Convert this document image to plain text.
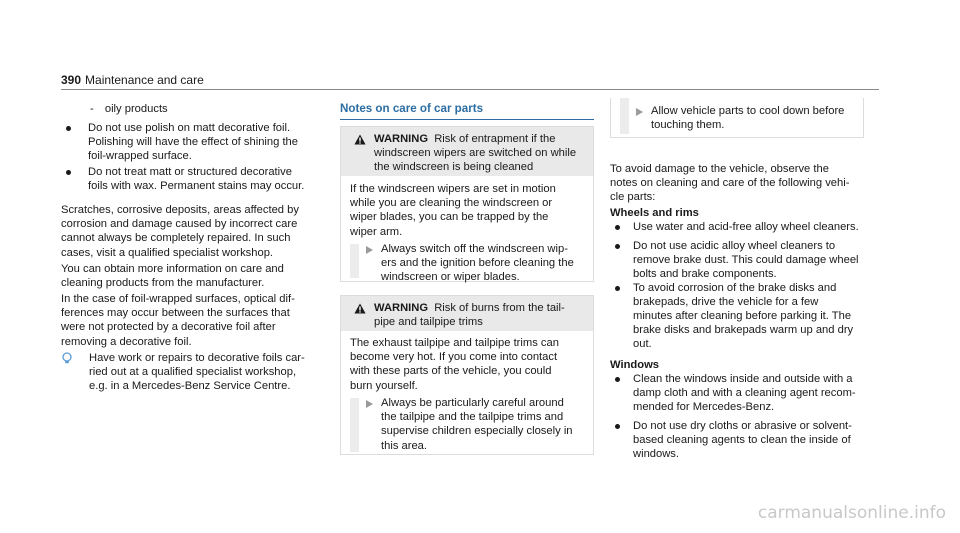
390 Maintenance and care
- oily products
Do not use polish on matt decorative foil.
Polishing will have the effect of shining the
foil-wrapped surface.
Do not treat matt or structured decorative
foils with wax. Permanent stains may occur.
Scratches, corrosive deposits, areas affected by
corrosion and damage caused by incorrect care
cannot always be completely repaired. In such
cases, visit a qualified specialist workshop.
You can obtain more information on care and
cleaning products from the manufacturer.
In the case of foil-wrapped surfaces, optical dif-
ferences may occur between the surfaces that
were not protected by a decorative foil after
removing a decorative foil.
Have work or repairs to decorative foils car-
ried out at a qualified specialist workshop,
e.g. in a Mercedes-Benz Service Centre.
Notes on care of car parts
WARNING Risk of entrapment if the
windscreen wipers are switched on while
the windscreen is being cleaned
If the windscreen wipers are set in motion
while you are cleaning the windscreen or
wiper blades, you can be trapped by the
wiper arm.
Always switch off the windscreen wip-
ers and the ignition before cleaning the
windscreen or wiper blades.
WARNING Risk of burns from the tail-
pipe and tailpipe trims
The exhaust tailpipe and tailpipe trims can
become very hot. If you come into contact
with these parts of the vehicle, you could
burn yourself.
Always be particularly careful around
the tailpipe and the tailpipe trims and
supervise children especially closely in
this area.
Allow vehicle parts to cool down before
touching them.
To avoid damage to the vehicle, observe the
notes on cleaning and care of the following vehi-
cle parts:
Wheels and rims
Use water and acid-free alloy wheel cleaners.
Do not use acidic alloy wheel cleaners to
remove brake dust. This could damage wheel
bolts and brake components.
To avoid corrosion of the brake disks and
brakepads, drive the vehicle for a few
minutes after cleaning before parking it. The
brake disks and brakepads warm up and dry
out.
Windows
Clean the windows inside and outside with a
damp cloth and with a cleaning agent recom-
mended for Mercedes-Benz.
Do not use dry cloths or abrasive or solvent-
based cleaning agents to clean the inside of
windows.
carmanualsonline.info
